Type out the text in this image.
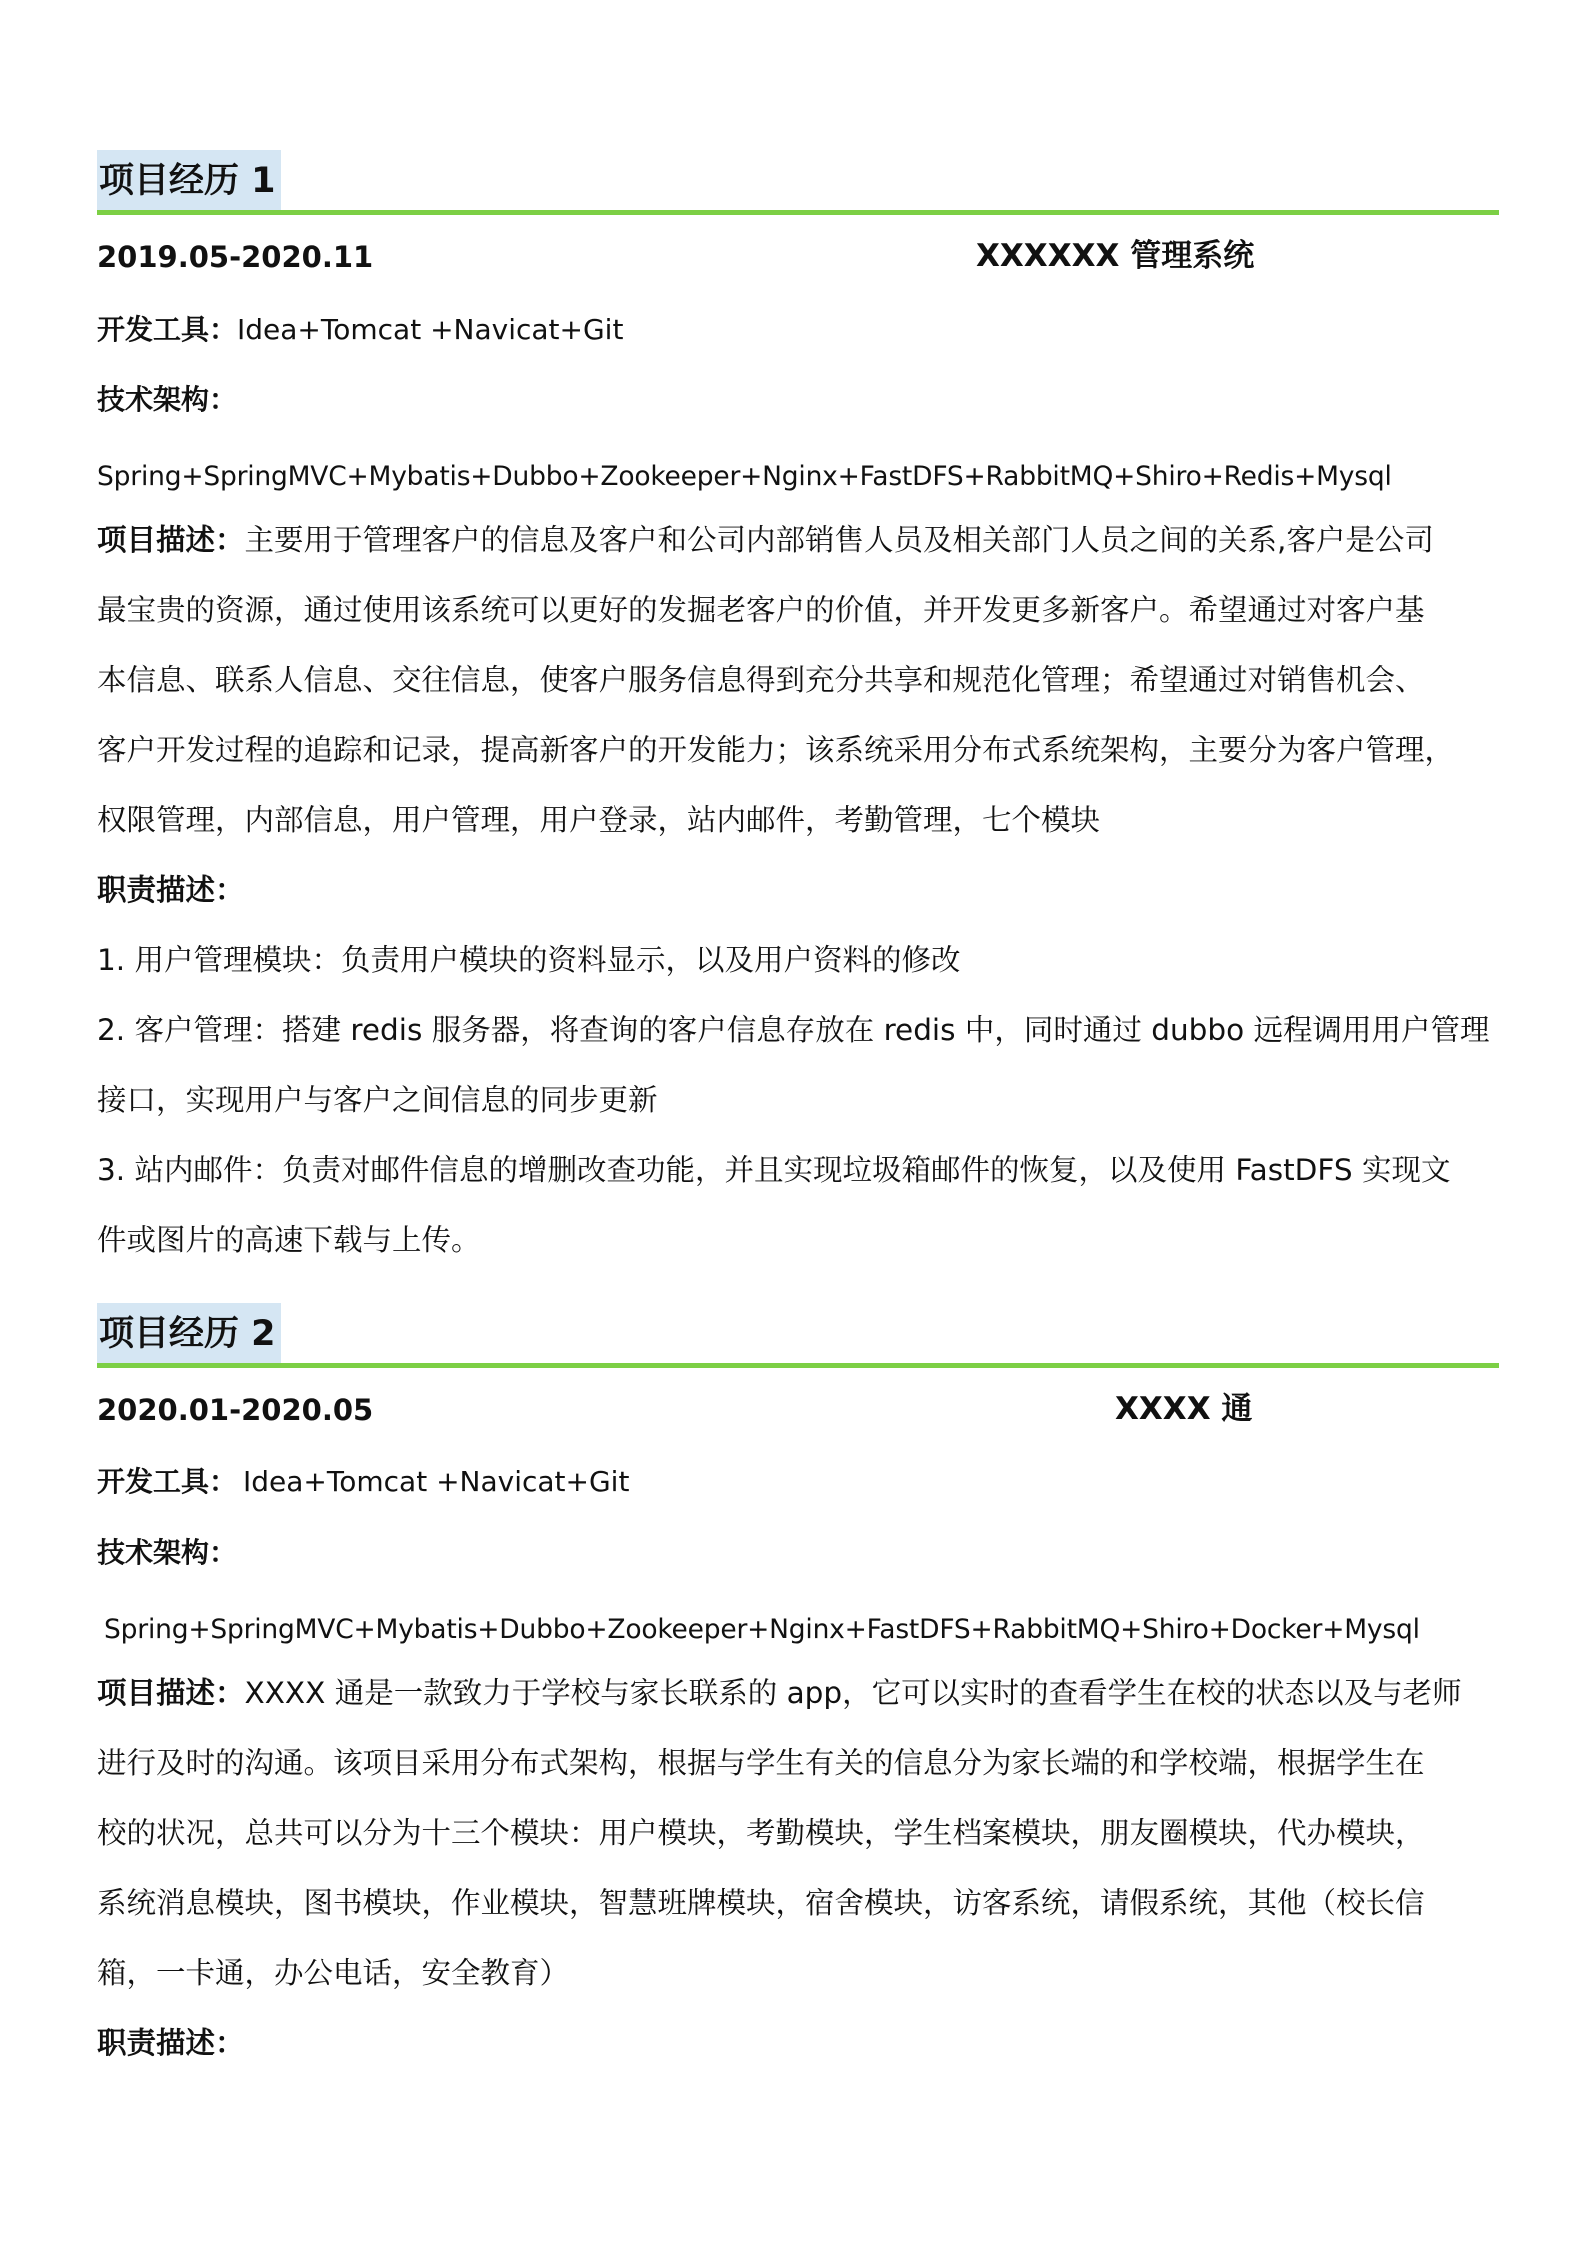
项目经历 1
2019.05-2020.11	XXXXXX 管理系统
开发工具：Idea+Tomcat +Navicat+Git
技术架构：
Spring+SpringMVC+Mybatis+Dubbo+Zookeeper+Nginx+FastDFS+RabbitMQ+Shiro+Redis+Mysql
项目描述：主要用于管理客户的信息及客户和公司内部销售人员及相关部门人员之间的关系,客户是公司
最宝贵的资源，通过使用该系统可以更好的发掘老客户的价值，并开发更多新客户。希望通过对客户基
本信息、联系人信息、交往信息，使客户服务信息得到充分共享和规范化管理；希望通过对销售机会、
客户开发过程的追踪和记录，提高新客户的开发能力；该系统采用分布式系统架构，主要分为客户管理，
权限管理，内部信息，用户管理，用户登录，站内邮件，考勤管理，七个模块
职责描述：
1. 用户管理模块：负责用户模块的资料显示，以及用户资料的修改
2. 客户管理：搭建 redis 服务器，将查询的客户信息存放在 redis 中，同时通过 dubbo 远程调用用户管理
接口，实现用户与客户之间信息的同步更新
3. 站内邮件：负责对邮件信息的增删改查功能，并且实现垃圾箱邮件的恢复，以及使用 FastDFS 实现文
件或图片的高速下载与上传。
项目经历 2
2020.01-2020.05	XXXX 通
开发工具： Idea+Tomcat +Navicat+Git
技术架构：
Spring+SpringMVC+Mybatis+Dubbo+Zookeeper+Nginx+FastDFS+RabbitMQ+Shiro+Docker+Mysql
项目描述：XXXX 通是一款致力于学校与家长联系的 app，它可以实时的查看学生在校的状态以及与老师
进行及时的沟通。该项目采用分布式架构，根据与学生有关的信息分为家长端的和学校端，根据学生在
校的状况，总共可以分为十三个模块：用户模块，考勤模块，学生档案模块，朋友圈模块，代办模块，
系统消息模块，图书模块，作业模块，智慧班牌模块，宿舍模块，访客系统，请假系统，其他（校长信
箱，一卡通，办公电话，安全教育）
职责描述：
